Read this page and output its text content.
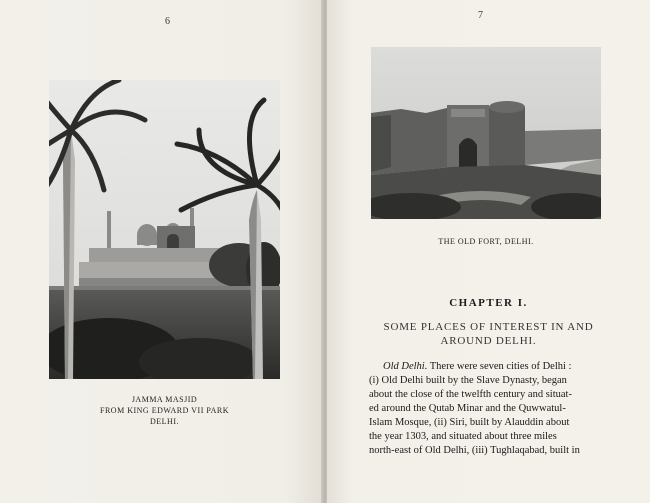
6
JAMMA MASJID
FROM KING EDWARD VII PARK
DELHI.
7
THE OLD FORT, DELHI.
CHAPTER I.
SOME PLACES OF INTEREST IN AND
AROUND DELHI.

Old Delhi. There were seven cities of Delhi :

(i) Old Delhi built by the Slave Dynasty, began

about the close of the twelfth century and situat-

ed around the Qutab Minar and the Quwwatul-

Islam Mosque, (ii) Siri, built by Alauddin about

the year 1303, and situated about three miles

north-east of Old Delhi, (iii) Tughlaqabad, built in
